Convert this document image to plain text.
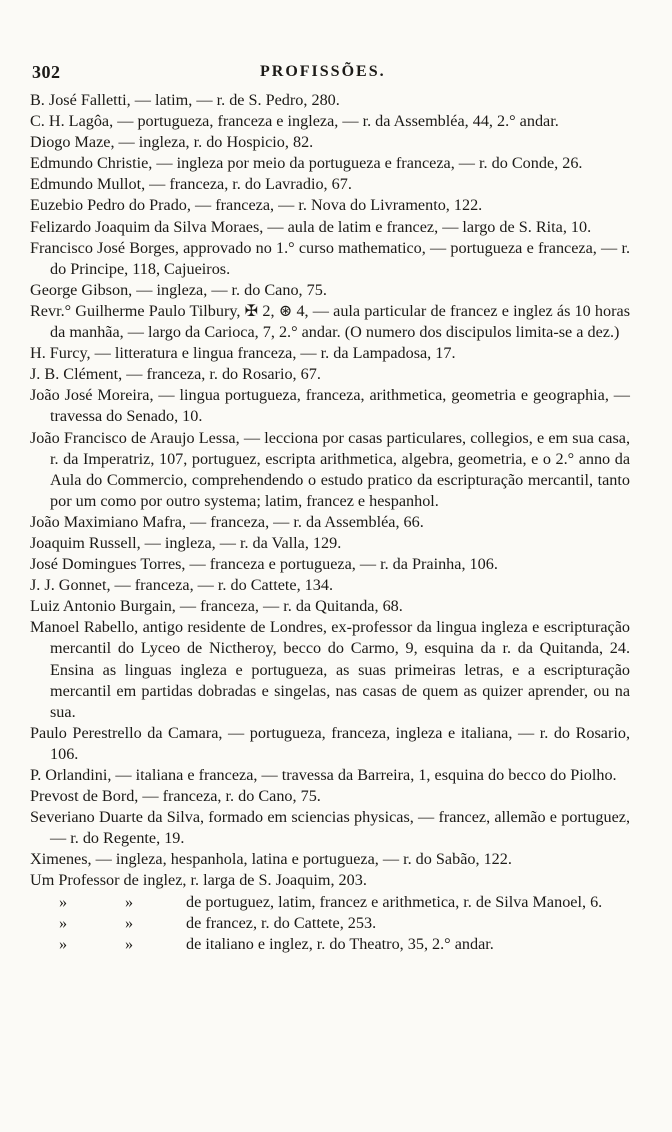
302	PROFISSÕES.
B. José Falletti, — latim, — r. de S. Pedro, 280.
C. H. Lagôa, — portugueza, franceza e ingleza, — r. da Assembléa, 44, 2.° andar.
Diogo Maze, — ingleza, r. do Hospicio, 82.
Edmundo Christie, — ingleza por meio da portugueza e franceza, — r. do Conde, 26.
Edmundo Mullot, — franceza, r. do Lavradio, 67.
Euzebio Pedro do Prado, — franceza, — r. Nova do Livramento, 122.
Felizardo Joaquim da Silva Moraes, — aula de latim e francez, — largo de S. Rita, 10.
Francisco José Borges, approvado no 1.° curso mathematico, — portugueza e franceza, — r. do Principe, 118, Cajueiros.
George Gibson, — ingleza, — r. do Cano, 75.
Revr.° Guilherme Paulo Tilbury, ✠ 2, ⊛ 4, — aula particular de francez e inglez ás 10 horas da manhãa, — largo da Carioca, 7, 2.° andar. (O numero dos discipulos limita-se a dez.)
H. Furcy, — litteratura e lingua franceza, — r. da Lampadosa, 17.
J. B. Clément, — franceza, r. do Rosario, 67.
João José Moreira, — lingua portugueza, franceza, arithmetica, geometria e geographia, — travessa do Senado, 10.
João Francisco de Araujo Lessa, — lecciona por casas particulares, collegios, e em sua casa, r. da Imperatriz, 107, portuguez, escripta arithmetica, algebra, geometria, e o 2.° anno da Aula do Commercio, comprehendendo o estudo pratico da escripturação mercantil, tanto por um como por outro systema; latim, francez e hespanhol.
João Maximiano Mafra, — franceza, — r. da Assembléa, 66.
Joaquim Russell, — ingleza, — r. da Valla, 129.
José Domingues Torres, — franceza e portugueza, — r. da Prainha, 106.
J. J. Gonnet, — franceza, — r. do Cattete, 134.
Luiz Antonio Burgain, — franceza, — r. da Quitanda, 68.
Manoel Rabello, antigo residente de Londres, ex-professor da lingua ingleza e escripturação mercantil do Lyceo de Nictheroy, becco do Carmo, 9, esquina da r. da Quitanda, 24. Ensina as linguas ingleza e portugueza, as suas primeiras letras, e a escripturação mercantil em partidas dobradas e singelas, nas casas de quem as quizer aprender, ou na sua.
Paulo Perestrello da Camara, — portugueza, franceza, ingleza e italiana, — r. do Rosario, 106.
P. Orlandini, — italiana e franceza, — travessa da Barreira, 1, esquina do becco do Piolho.
Prevost de Bord, — franceza, r. do Cano, 75.
Severiano Duarte da Silva, formado em sciencias physicas, — francez, allemão e portuguez, — r. do Regente, 19.
Ximenes, — ingleza, hespanhola, latina e portugueza, — r. do Sabão, 122.
Um Professor de inglez, r. larga de S. Joaquim, 203.
»	»	de portuguez, latim, francez e arithmetica, r. de Silva Manoel, 6.
»	»	de francez, r. do Cattete, 253.
»	»	de italiano e inglez, r. do Theatro, 35, 2.° andar.
